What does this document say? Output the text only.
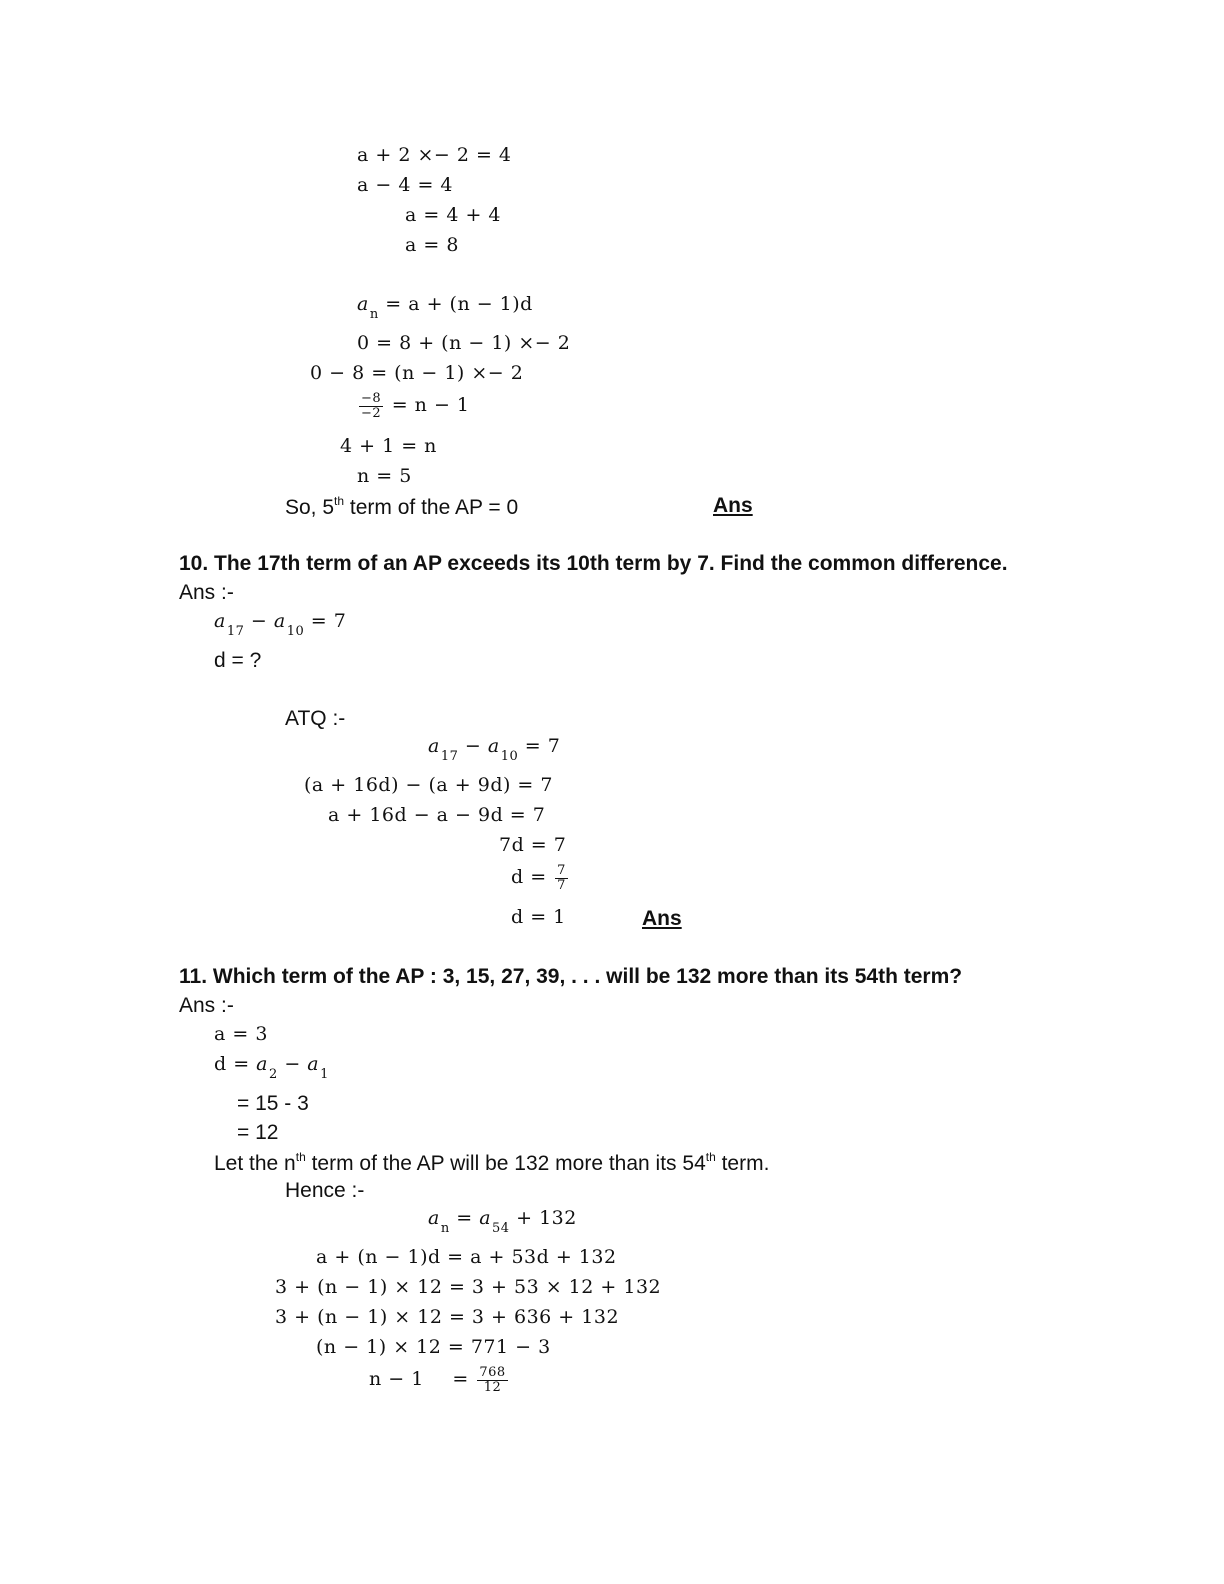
a + 2 ×− 2 = 4
a − 4 = 4
a = 4 + 4
a = 8
$a_n = a + (n - 1)d$
0 = 8 + (n − 1) ×− 2
0 − 8 = (n − 1) ×− 2
$\frac{-8}{-2} = n - 1$
4 + 1 = n
n = 5
So, 5th term of the AP = 0	Ans
10. The 17th term of an AP exceeds its 10th term by 7. Find the common difference.
Ans :-
$a_{17} - a_{10} = 7$
d = ?
ATQ :-
$a_{17} - a_{10} = 7$
(a + 16d) − (a + 9d) = 7
a + 16d − a − 9d = 7
7d = 7
$d = \frac{7}{7}$
d = 1	Ans
11. Which term of the AP : 3, 15, 27, 39, . . . will be 132 more than its 54th term?
Ans :-
a = 3
$d = a_2 - a_1$
= 15 - 3
= 12
Let the $n^{th}$ term of the AP will be 132 more than its 54th term.
Hence :-
$a_n = a_{54} + 132$
a + (n − 1)d = a + 53d + 132
3 + (n − 1) × 12 = 3 + 53 × 12 + 132
3 + (n − 1) × 12 = 3 + 636 + 132
(n − 1) × 12 = 771 − 3
$n - 1 = \frac{768}{12}$
